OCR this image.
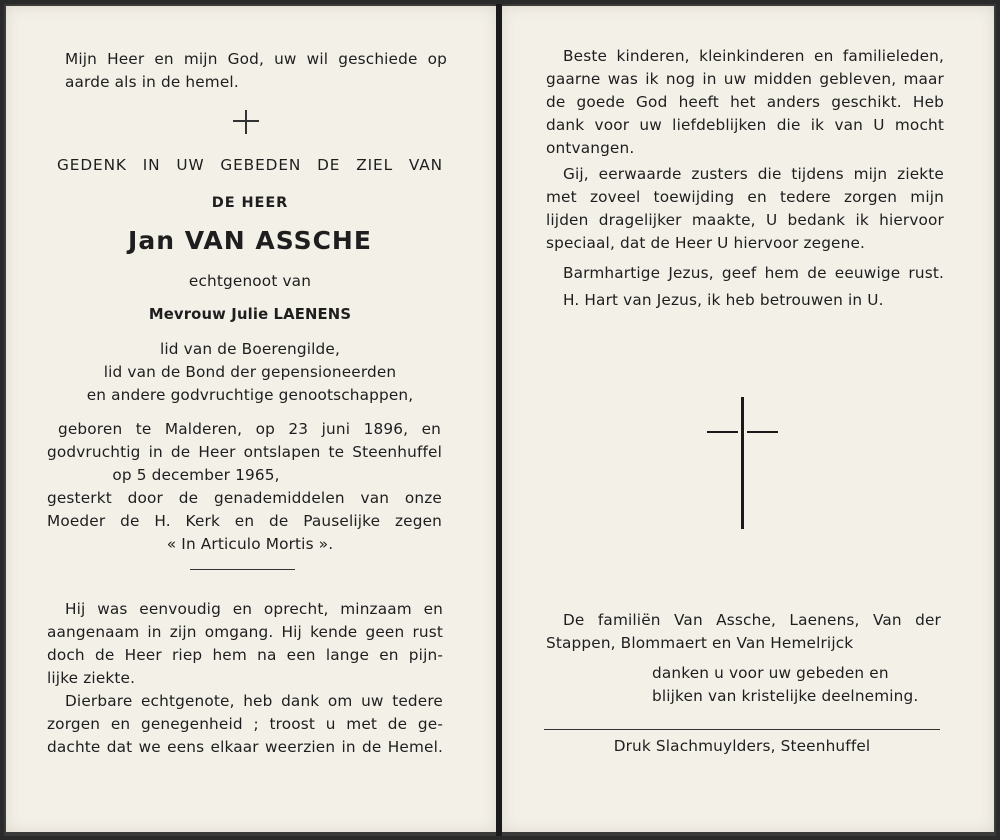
Mijn Heer en mijn God, uw wil geschiede op
aarde als in de hemel.
GEDENK IN UW GEBEDEN DE ZIEL VAN
DE HEER
Jan VAN ASSCHE
echtgenoot van
Mevrouw Julie LAENENS
lid van de Boerengilde,
lid van de Bond der gepensioneerden
en andere godvruchtige genootschappen,
geboren te Malderen, op 23 juni 1896, en
godvruchtig in de Heer ontslapen te Steenhuffel
op 5 december 1965,
gesterkt door de genademiddelen van onze
Moeder de H. Kerk en de Pauselijke zegen
« In Articulo Mortis ».
Hij was eenvoudig en oprecht, minzaam en
aangenaam in zijn omgang. Hij kende geen rust
doch de Heer riep hem na een lange en pijn-
lijke ziekte.
Dierbare echtgenote, heb dank om uw tedere
zorgen en genegenheid ; troost u met de ge-
dachte dat we eens elkaar weerzien in de Hemel.
Beste kinderen, kleinkinderen en familieleden,
gaarne was ik nog in uw midden gebleven, maar
de goede God heeft het anders geschikt. Heb
dank voor uw liefdeblijken die ik van U mocht
ontvangen.
Gij, eerwaarde zusters die tijdens mijn ziekte
met zoveel toewijding en tedere zorgen mijn
lijden dragelijker maakte, U bedank ik hiervoor
speciaal, dat de Heer U hiervoor zegene.
Barmhartige Jezus, geef hem de eeuwige rust.
H. Hart van Jezus, ik heb betrouwen in U.
De familiën Van Assche, Laenens, Van der
Stappen, Blommaert en Van Hemelrijck
danken u voor uw gebeden en
blijken van kristelijke deelneming.
Druk Slachmuylders, Steenhuffel
